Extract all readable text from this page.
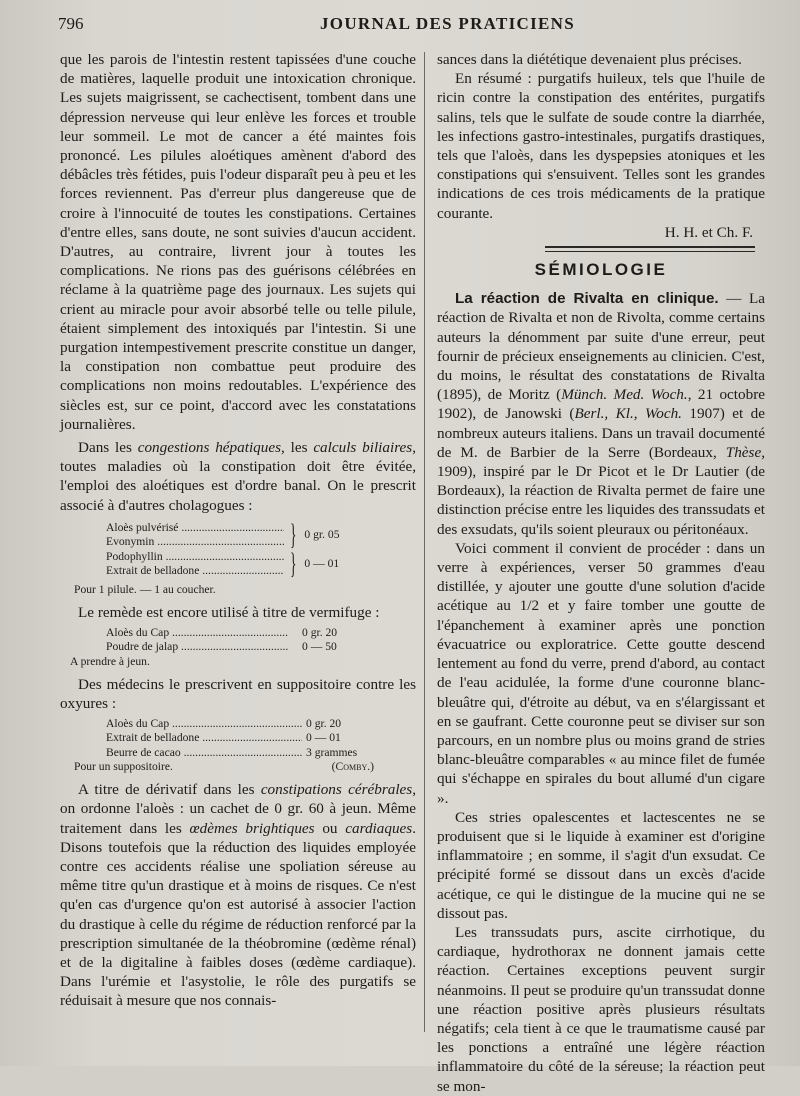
796	JOURNAL DES PRATICIENS

que les parois de l'intestin restent tapissées d'une couche de matières, laquelle produit une intoxication chronique. Les sujets maigrissent, se cachectisent, tombent dans une dépression nerveuse qui leur enlève les forces et trouble leur sommeil. Le mot de cancer a été maintes fois prononcé. Les pilules aloétiques amènent d'abord des débâcles très fétides, puis l'odeur disparaît peu à peu et les forces reviennent. Pas d'erreur plus dangereuse que de croire à l'innocuité de toutes les constipations. Certaines d'entre elles, sans doute, ne sont suivies d'aucun accident. D'autres, au contraire, livrent jour à toutes les complications. Ne rions pas des guérisons célébrées en réclame à la quatrième page des journaux. Les sujets qui crient au miracle pour avoir absorbé telle ou telle pilule, étaient simplement des intoxiqués par l'intestin. Si une purgation intempestivement prescrite constitue un danger, la constipation non combattue peut produire des complications non moins redoutables. L'expérience des siècles est, sur ce point, d'accord avec les constatations journalières.

Dans les congestions hépatiques, les calculs biliaires, toutes maladies où la constipation doit être évitée, l'emploi des aloétiques est d'ordre banal. On le prescrit associé à d'autres cholagogues :

Aloès pulvérisé .....
Evonymin .....	} 0 gr. 05
Podophyllin .....
Extrait de belladone .....	} 0 — 01
Pour 1 pilule. — 1 au coucher.

Le remède est encore utilisé à titre de vermifuge :

Aloès du Cap .....	0 gr. 20
Poudre de jalap .....	0 — 50
A prendre à jeun.

Des médecins le prescrivent en suppositoire contre les oxyures :

Aloès du Cap .....	0 gr. 20
Extrait de belladone .....	0 — 01
Beurre de cacao .....	3 grammes
Pour un suppositoire.	(Comby.)

A titre de dérivatif dans les constipations cérébrales, on ordonne l'aloès : un cachet de 0 gr. 60 à jeun. Même traitement dans les œdèmes brightiques ou cardiaques. Disons toutefois que la réduction des liquides employée contre ces accidents réalise une spoliation séreuse au même titre qu'un drastique et à moins de risques. Ce n'est qu'en cas d'urgence qu'on est autorisé à associer l'action du drastique à celle du régime de réduction renforcé par la prescription simultanée de la théobromine (œdème rénal) et de la digitaline à faibles doses (œdème cardiaque). Dans l'urémie et l'asystolie, le rôle des purgatifs se réduisait à mesure que nos connais-

sances dans la diététique devenaient plus précises.

En résumé : purgatifs huileux, tels que l'huile de ricin contre la constipation des entérites, purgatifs salins, tels que le sulfate de soude contre la diarrhée, les infections gastro-intestinales, purgatifs drastiques, tels que l'aloès, dans les dyspepsies atoniques et les constipations qui s'ensuivent. Telles sont les grandes indications de ces trois médicaments de la pratique courante.

H. H. et Ch. F.
SÉMIOLOGIE

La réaction de Rivalta en clinique. — La réaction de Rivalta et non de Rivolta, comme certains auteurs la dénomment par suite d'une erreur, peut fournir de précieux enseignements au clinicien. C'est, du moins, le résultat des constatations de Rivalta (1895), de Moritz (Münch. Med. Woch., 21 octobre 1902), de Janowski (Berl., Kl., Woch. 1907) et de nombreux auteurs italiens. Dans un travail documenté de M. de Barbier de la Serre (Bordeaux, Thèse, 1909), inspiré par le Dr Picot et le Dr Lautier (de Bordeaux), la réaction de Rivalta permet de faire une distinction précise entre les liquides des transsudats et des exsudats, qu'ils soient pleuraux ou péritonéaux.

Voici comment il convient de procéder : dans un verre à expériences, verser 50 grammes d'eau distillée, y ajouter une goutte d'une solution d'acide acétique au 1/2 et y faire tomber une goutte de l'épanchement à examiner après une ponction évacuatrice ou exploratrice. Cette goutte descend lentement au fond du verre, prend d'abord, au contact de l'eau acidulée, la forme d'une couronne blanc-bleuâtre qui, d'étroite au début, va en s'élargissant et en se gaufrant. Cette couronne peut se diviser sur son parcours, en un nombre plus ou moins grand de stries blanc-bleuâtre comparables « au mince filet de fumée qui s'échappe en spirales du bout allumé d'un cigare ».

Ces stries opalescentes et lactescentes ne se produisent que si le liquide à examiner est d'origine inflammatoire ; en somme, il s'agit d'un exsudat. Ce précipité formé se dissout dans un excès d'acide acétique, ce qui le distingue de la mucine qui ne se dissout pas.

Les transsudats purs, ascite cirrhotique, du cardiaque, hydrothorax ne donnent jamais cette réaction. Certaines exceptions peuvent surgir néanmoins. Il peut se produire qu'un transsudat donne une réaction positive après plusieurs résultats négatifs; cela tient à ce que le traumatisme causé par les ponctions a entraîné une légère réaction inflammatoire du côté de la séreuse; la réaction peut se mon-
